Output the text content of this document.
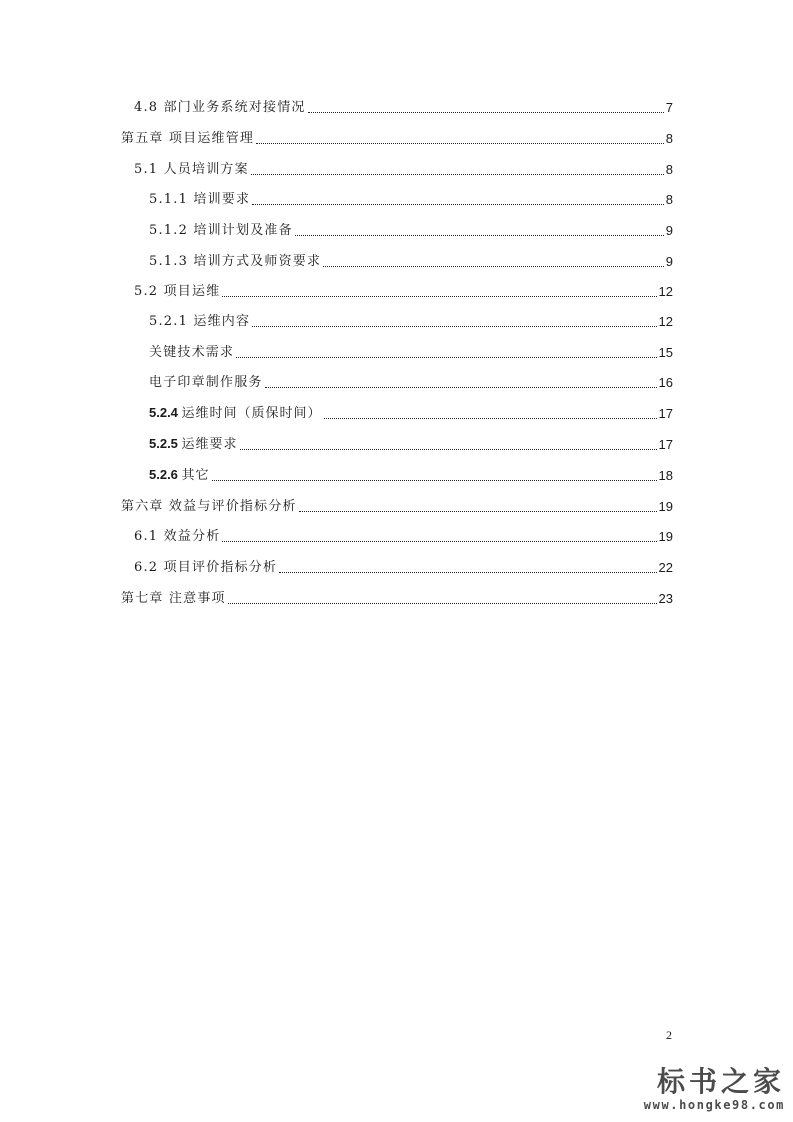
4.8 部门业务系统对接情况	7
第五章 项目运维管理	8
5.1 人员培训方案	8
5.1.1 培训要求	8
5.1.2 培训计划及准备	9
5.1.3 培训方式及师资要求	9
5.2 项目运维	12
5.2.1 运维内容	12
关键技术需求	15
电子印章制作服务	16
5.2.4 运维时间（质保时间）	17
5.2.5 运维要求	17
5.2.6 其它	18
第六章 效益与评价指标分析	19
6.1 效益分析	19
6.2 项目评价指标分析	22
第七章 注意事项	23
2
标书之家
www.hongke98.com
